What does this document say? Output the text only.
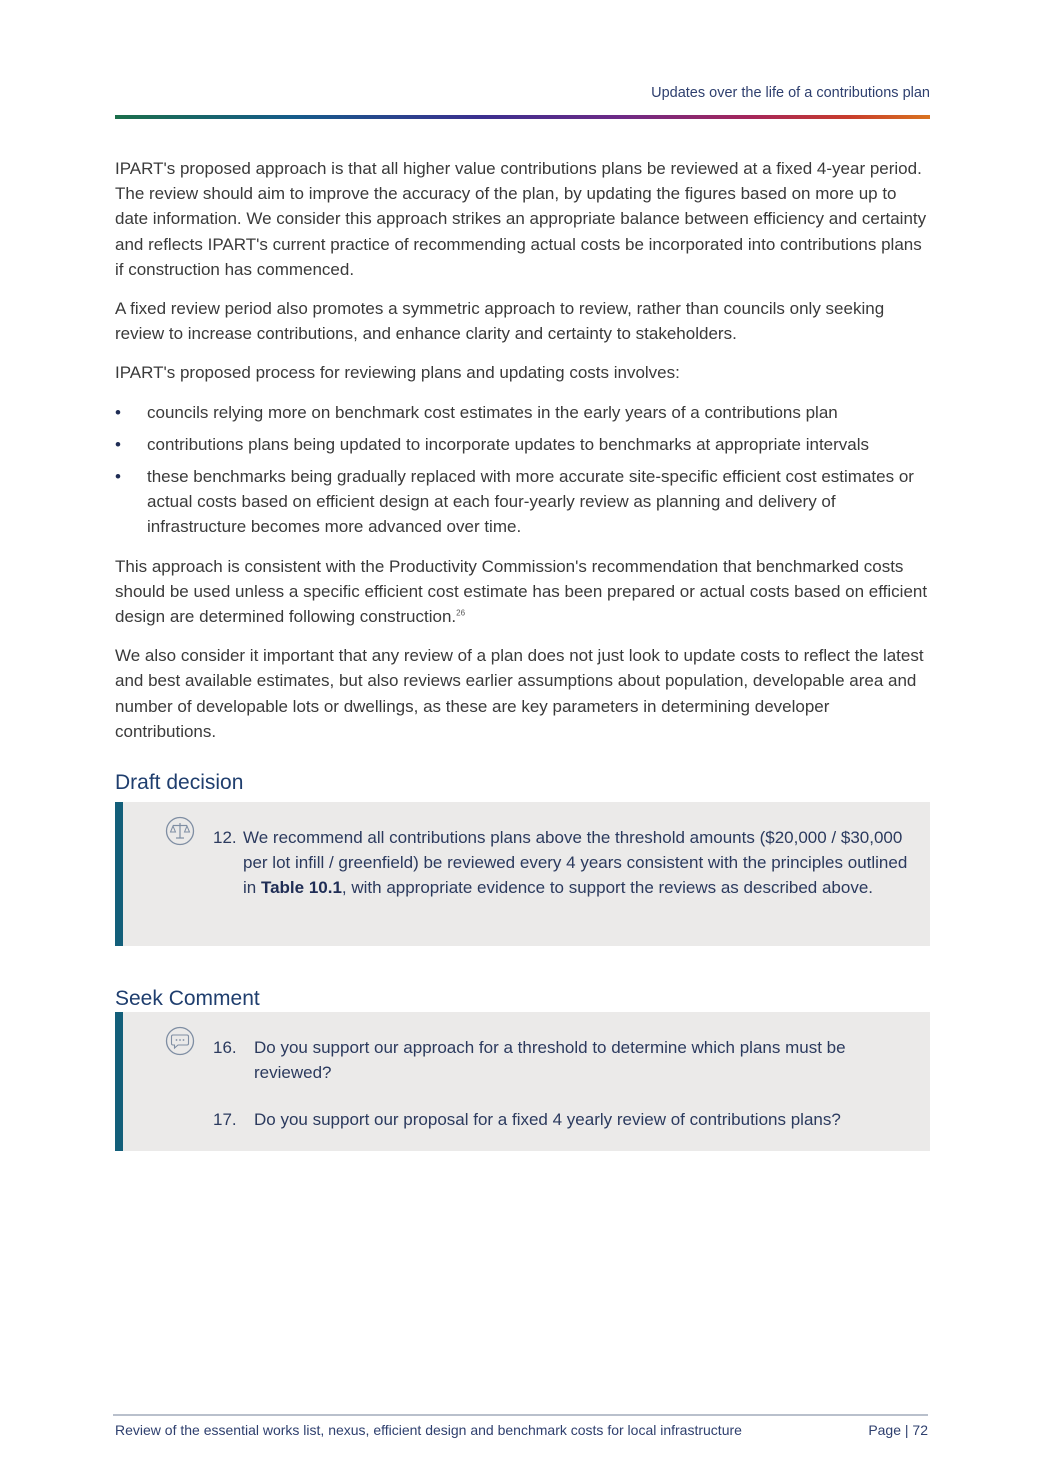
Updates over the life of a contributions plan

IPART's proposed approach is that all higher value contributions plans be reviewed at a fixed 4-year period. The review should aim to improve the accuracy of the plan, by updating the figures based on more up to date information. We consider this approach strikes an appropriate balance between efficiency and certainty and reflects IPART's current practice of recommending actual costs be incorporated into contributions plans if construction has commenced.

A fixed review period also promotes a symmetric approach to review, rather than councils only seeking review to increase contributions, and enhance clarity and certainty to stakeholders.

IPART's proposed process for reviewing plans and updating costs involves:

•	councils relying more on benchmark cost estimates in the early years of a contributions plan
•	contributions plans being updated to incorporate updates to benchmarks at appropriate intervals
•	these benchmarks being gradually replaced with more accurate site-specific efficient cost estimates or actual costs based on efficient design at each four-yearly review as planning and delivery of infrastructure becomes more advanced over time.

This approach is consistent with the Productivity Commission's recommendation that benchmarked costs should be used unless a specific efficient cost estimate has been prepared or actual costs based on efficient design are determined following construction.$^{26}$

We also consider it important that any review of a plan does not just look to update costs to reflect the latest and best available estimates, but also reviews earlier assumptions about population, developable area and number of developable lots or dwellings, as these are key parameters in determining developer contributions.

Draft decision
12. We recommend all contributions plans above the threshold amounts ($20,000 / $30,000 per lot infill / greenfield) be reviewed every 4 years consistent with the principles outlined in Table 10.1, with appropriate evidence to support the reviews as described above.
Seek Comment
16. Do you support our approach for a threshold to determine which plans must be reviewed?
17. Do you support our proposal for a fixed 4 yearly review of contributions plans?
Review of the essential works list, nexus, efficient design and benchmark costs for local infrastructure	Page | 72
